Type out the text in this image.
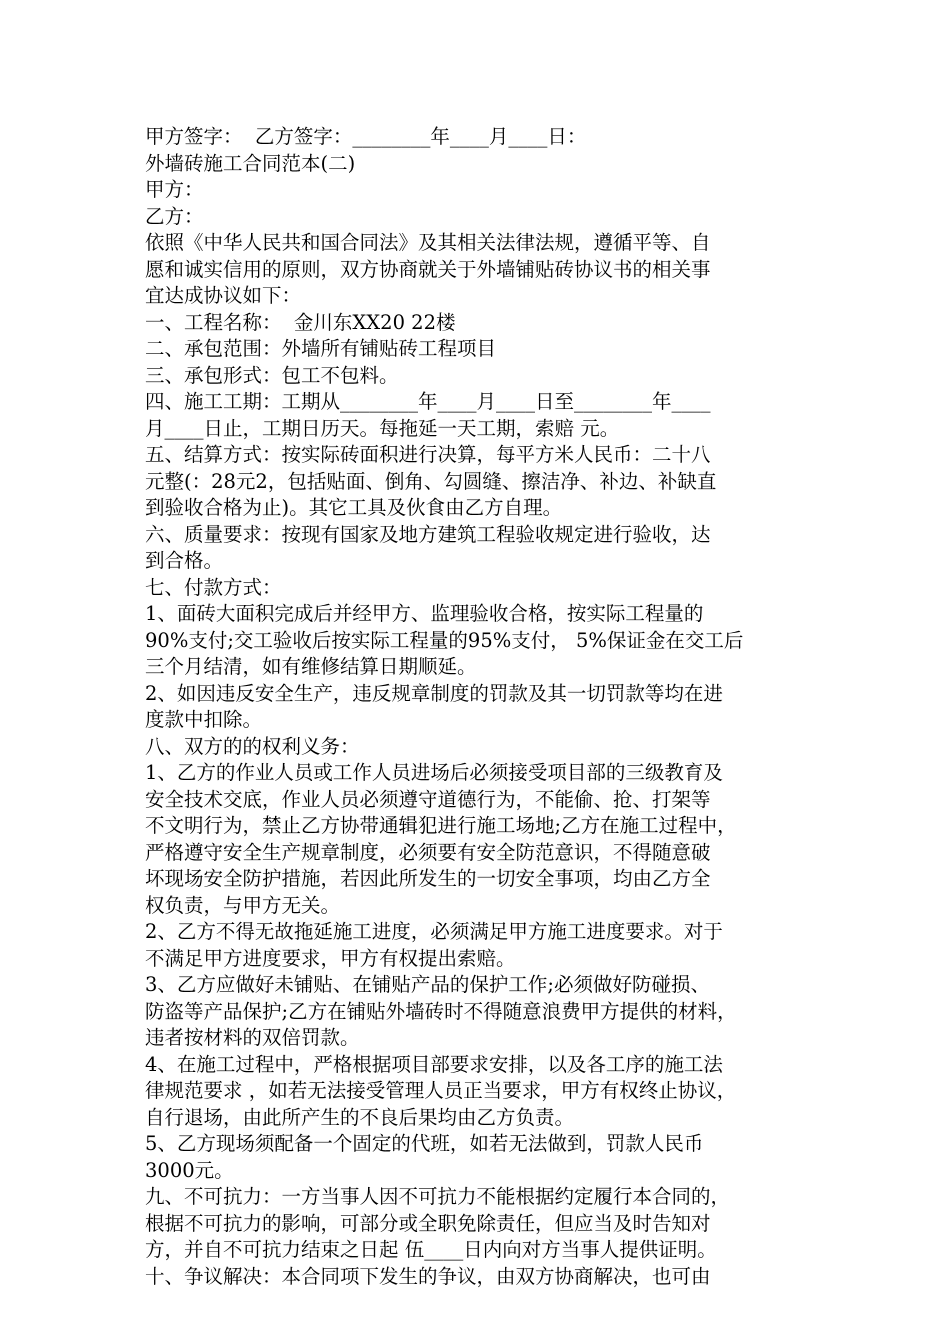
甲方签字：  乙方签字：________年____月____日：
外墙砖施工合同范本(二)
甲方：
乙方：
依照《中华人民共和国合同法》及其相关法律法规，遵循平等、自
愿和诚实信用的原则，双方协商就关于外墙铺贴砖协议书的相关事
宜达成协议如下：
一、工程名称：  金川东XX20 22楼
二、承包范围：外墙所有铺贴砖工程项目
三、承包形式：包工不包料。
四、施工工期：工期从________年____月____日至________年____
月____日止，工期日历天。每拖延一天工期，索赔 元。
五、结算方式：按实际砖面积进行决算，每平方米人民币：二十八
元整(：28元2，包括贴面、倒角、勾圆缝、擦洁净、补边、补缺直
到验收合格为止)。其它工具及伙食由乙方自理。
六、质量要求：按现有国家及地方建筑工程验收规定进行验收，达
到合格。
七、付款方式：
1、面砖大面积完成后并经甲方、监理验收合格，按实际工程量的
90%支付;交工验收后按实际工程量的95%支付， 5%保证金在交工后
三个月结清，如有维修结算日期顺延。
2、如因违反安全生产，违反规章制度的罚款及其一切罚款等均在进
度款中扣除。
八、双方的的权利义务：
1、乙方的作业人员或工作人员进场后必须接受项目部的三级教育及
安全技术交底，作业人员必须遵守道德行为，不能偷、抢、打架等
不文明行为，禁止乙方协带通辑犯进行施工场地;乙方在施工过程中，
严格遵守安全生产规章制度，必须要有安全防范意识，不得随意破
坏现场安全防护措施，若因此所发生的一切安全事项，均由乙方全
权负责，与甲方无关。
2、乙方不得无故拖延施工进度，必须满足甲方施工进度要求。对于
不满足甲方进度要求，甲方有权提出索赔。
3、乙方应做好未铺贴、在铺贴产品的保护工作;必须做好防碰损、
防盗等产品保护;乙方在铺贴外墙砖时不得随意浪费甲方提供的材料，
违者按材料的双倍罚款。
4、在施工过程中，严格根据项目部要求安排，以及各工序的施工法
律规范要求 ，如若无法接受管理人员正当要求，甲方有权终止协议，
自行退场，由此所产生的不良后果均由乙方负责。
5、乙方现场须配备一个固定的代班，如若无法做到，罚款人民币
3000元。
九、不可抗力：一方当事人因不可抗力不能根据约定履行本合同的，
根据不可抗力的影响，可部分或全职免除责任，但应当及时告知对
方，并自不可抗力结束之日起 伍____日内向对方当事人提供证明。
十、争议解决：本合同项下发生的争议，由双方协商解决，也可由
